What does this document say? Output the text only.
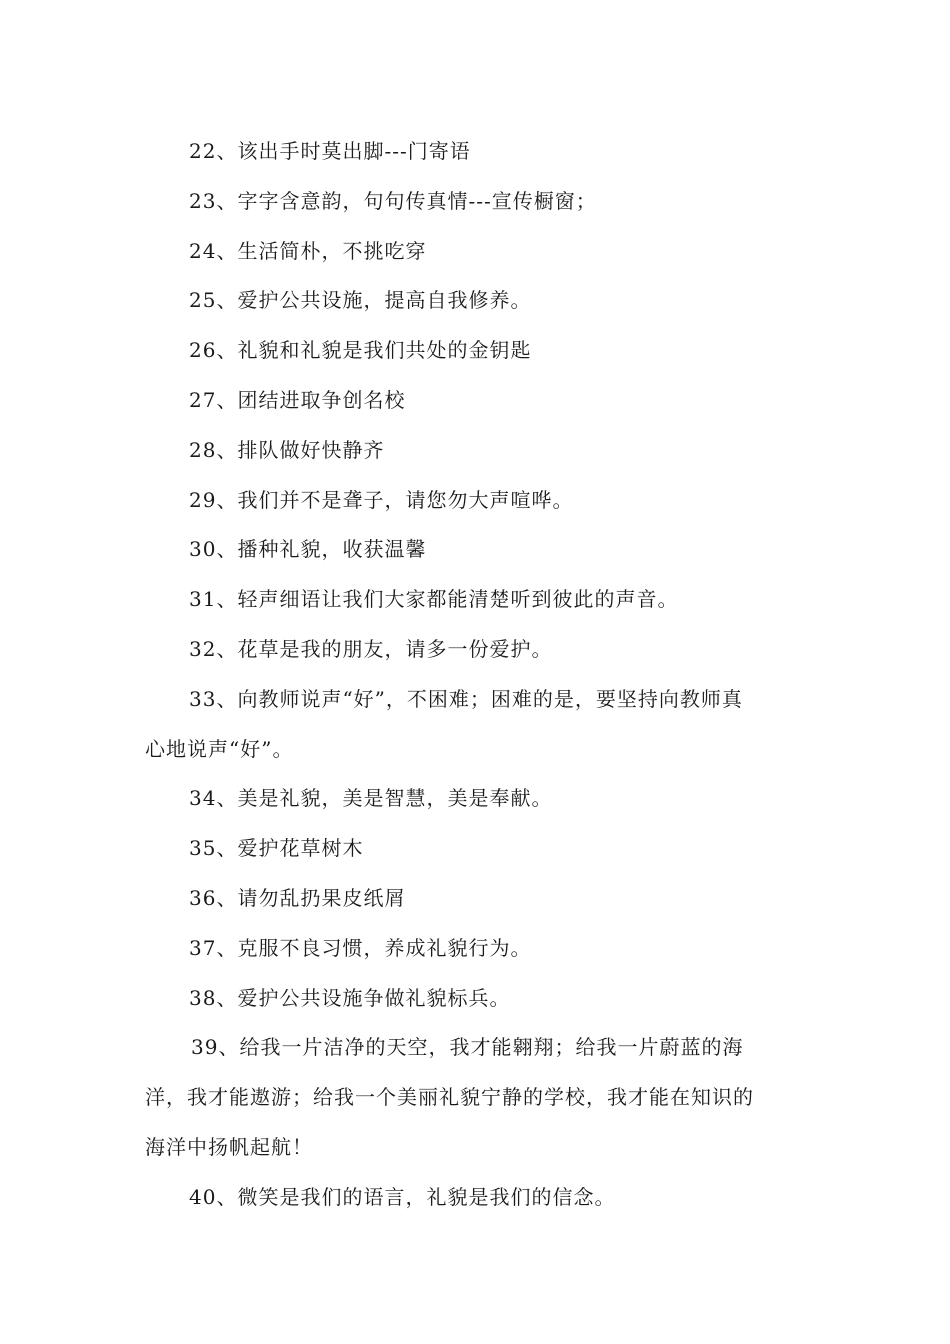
22、该出手时莫出脚---门寄语

23、字字含意韵，句句传真情---宣传橱窗；

24、生活简朴，不挑吃穿

25、爱护公共设施，提高自我修养。

26、礼貌和礼貌是我们共处的金钥匙

27、团结进取争创名校

28、排队做好快静齐

29、我们并不是聋子，请您勿大声喧哗。

30、播种礼貌，收获温馨

31、轻声细语让我们大家都能清楚听到彼此的声音。

32、花草是我的朋友，请多一份爱护。

33、向教师说声“好”，不困难；困难的是，要坚持向教师真

心地说声“好”。

34、美是礼貌，美是智慧，美是奉献。

35、爱护花草树木

36、请勿乱扔果皮纸屑

37、克服不良习惯，养成礼貌行为。

38、爱护公共设施争做礼貌标兵。

39、给我一片洁净的天空，我才能翱翔；给我一片蔚蓝的海

洋，我才能遨游；给我一个美丽礼貌宁静的学校，我才能在知识的

海洋中扬帆起航！

40、微笑是我们的语言，礼貌是我们的信念。
